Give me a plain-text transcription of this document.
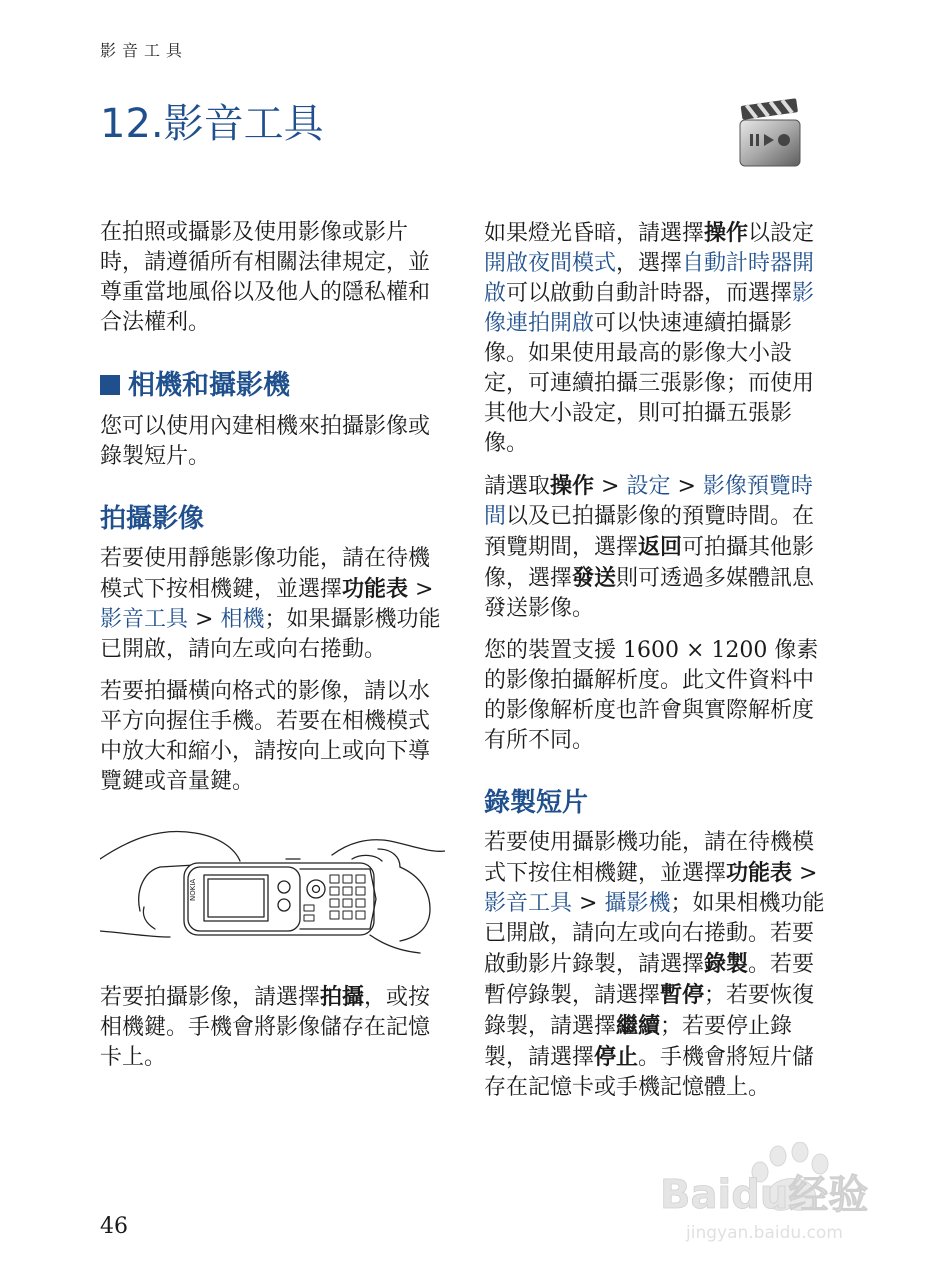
影音工具
12.影音工具

在拍照或攝影及使用影像或影片時，請遵循所有相關法律規定，並尊重當地風俗以及他人的隱私權和合法權利。

相機和攝影機

您可以使用內建相機來拍攝影像或錄製短片。

拍攝影像

若要使用靜態影像功能，請在待機模式下按相機鍵，並選擇功能表 > 影音工具 > 相機；如果攝影機功能已開啟，請向左或向右捲動。

若要拍攝橫向格式的影像，請以水平方向握住手機。若要在相機模式中放大和縮小，請按向上或向下導覽鍵或音量鍵。

NOKIA

若要拍攝影像，請選擇拍攝，或按相機鍵。手機會將影像儲存在記憶卡上。

如果燈光昏暗，請選擇操作以設定開啟夜間模式，選擇自動計時器開啟可以啟動自動計時器，而選擇影像連拍開啟可以快速連續拍攝影像。如果使用最高的影像大小設定，可連續拍攝三張影像；而使用其他大小設定，則可拍攝五張影像。

請選取操作 > 設定 > 影像預覽時間以及已拍攝影像的預覽時間。在預覽期間，選擇返回可拍攝其他影像，選擇發送則可透過多媒體訊息發送影像。

您的裝置支援 1600 × 1200 像素的影像拍攝解析度。此文件資料中的影像解析度也許會與實際解析度有所不同。

錄製短片

若要使用攝影機功能，請在待機模式下按住相機鍵，並選擇功能表 > 影音工具 > 攝影機；如果相機功能已開啟，請向左或向右捲動。若要啟動影片錄製，請選擇錄製。若要暫停錄製，請選擇暫停；若要恢復錄製，請選擇繼續；若要停止錄製，請選擇停止。手機會將短片儲存在記憶卡或手機記憶體上。

46
Baidu经验
jingyan.baidu.com
